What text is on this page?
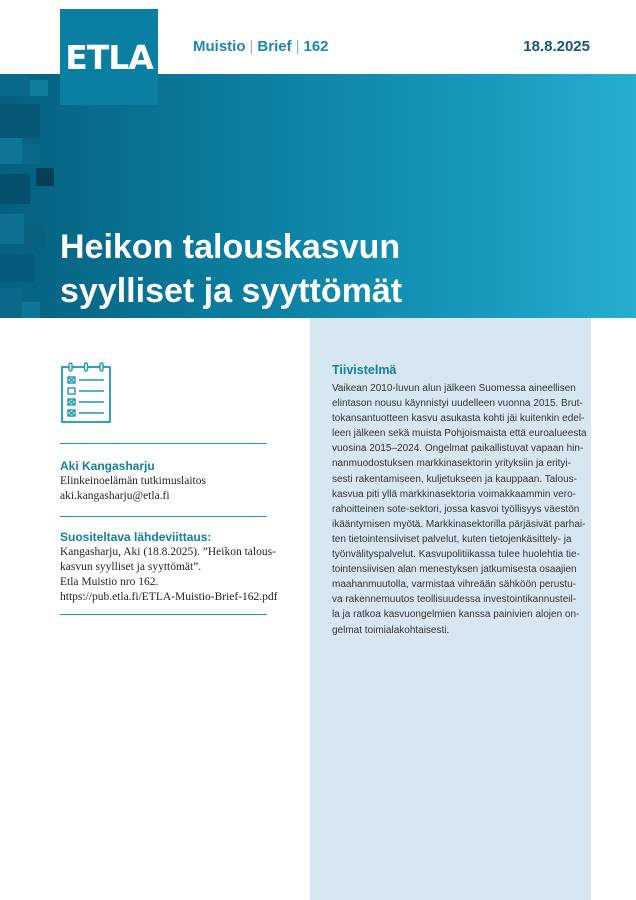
ETLA	Muistio | Brief | 162	18.8.2025
Heikon talouskasvun
syylliset ja syyttömät
Aki Kangasharju
Elinkeinoelämän tutkimuslaitos
aki.kangasharju@etla.fi
Suositeltava lähdeviittaus:
Kangasharju, Aki (18.8.2025). ”Heikon talous-
kasvun syylliset ja syyttömät”.
Etla Muistio nro 162.
https://pub.etla.fi/ETLA-Muistio-Brief-162.pdf
Tiivistelmä
Vaikean 2010-luvun alun jälkeen Suomessa aineellisen
elintason nousu käynnistyi uudelleen vuonna 2015. Brut-
tokansantuotteen kasvu asukasta kohti jäi kuitenkin edel-
leen jälkeen sekä muista Pohjoismaista että euroalueesta
vuosina 2015–2024. Ongelmat paikallistuvat vapaan hin-
nanmuodostuksen markkinasektorin yrityksiin ja erityi-
sesti rakentamiseen, kuljetukseen ja kauppaan. Talous-
kasvua piti yllä markkinasektoria voimakkaammin vero-
rahoitteinen sote-sektori, jossa kasvoi työllisyys väestön
ikääntymisen myötä. Markkinasektorilla pärjäsivät parhai-
ten tietointensiiviset palvelut, kuten tietojenkäsittely- ja
työnvälityspalvelut. Kasvupolitiikassa tulee huolehtia tie-
tointensiivisen alan menestyksen jatkumisesta osaajien
maahanmuutolla, varmistaa vihreään sähköön perustu-
va rakennemuutos teollisuudessa investointikannusteil-
la ja ratkoa kasvuongelmien kanssa painivien alojen on-
gelmat toimialakohtaisesti.
